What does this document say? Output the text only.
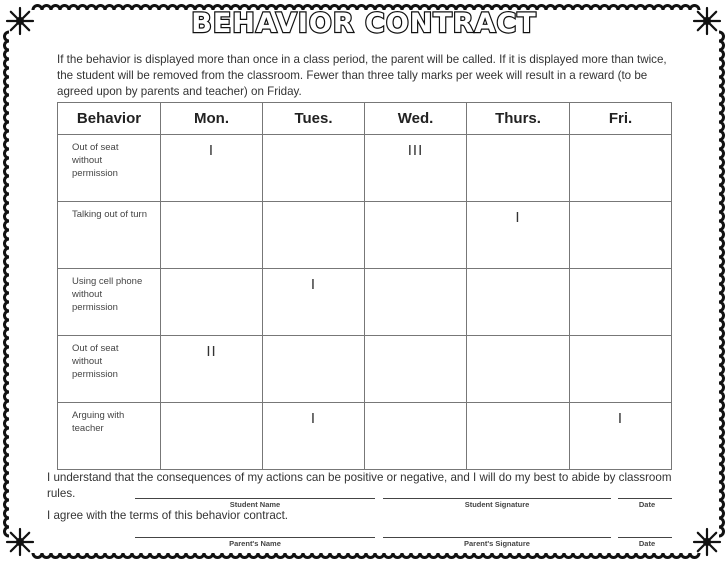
BEHAVIOR CONTRACT
If the behavior is displayed more than once in a class period, the parent will be called. If it is displayed more than twice, the student will be removed from the classroom. Fewer than three tally marks per week will result in a reward (to be agreed upon by parents and teacher) on Friday.
Behavior	Mon.	Tues.	Wed.	Thurs.	Fri.

Out of seat without permission	I		III		

Talking out of turn				I	

Using cell phone without permission		I			

Out of seat without permission	II				

Arguing with teacher		I			I
I understand that the consequences of my actions can be positive or negative, and I will do my best to abide by classroom rules.
Student Name	Student Signature	Date
I agree with the terms of this behavior contract.
Parent's Name	Parent's Signature	Date
